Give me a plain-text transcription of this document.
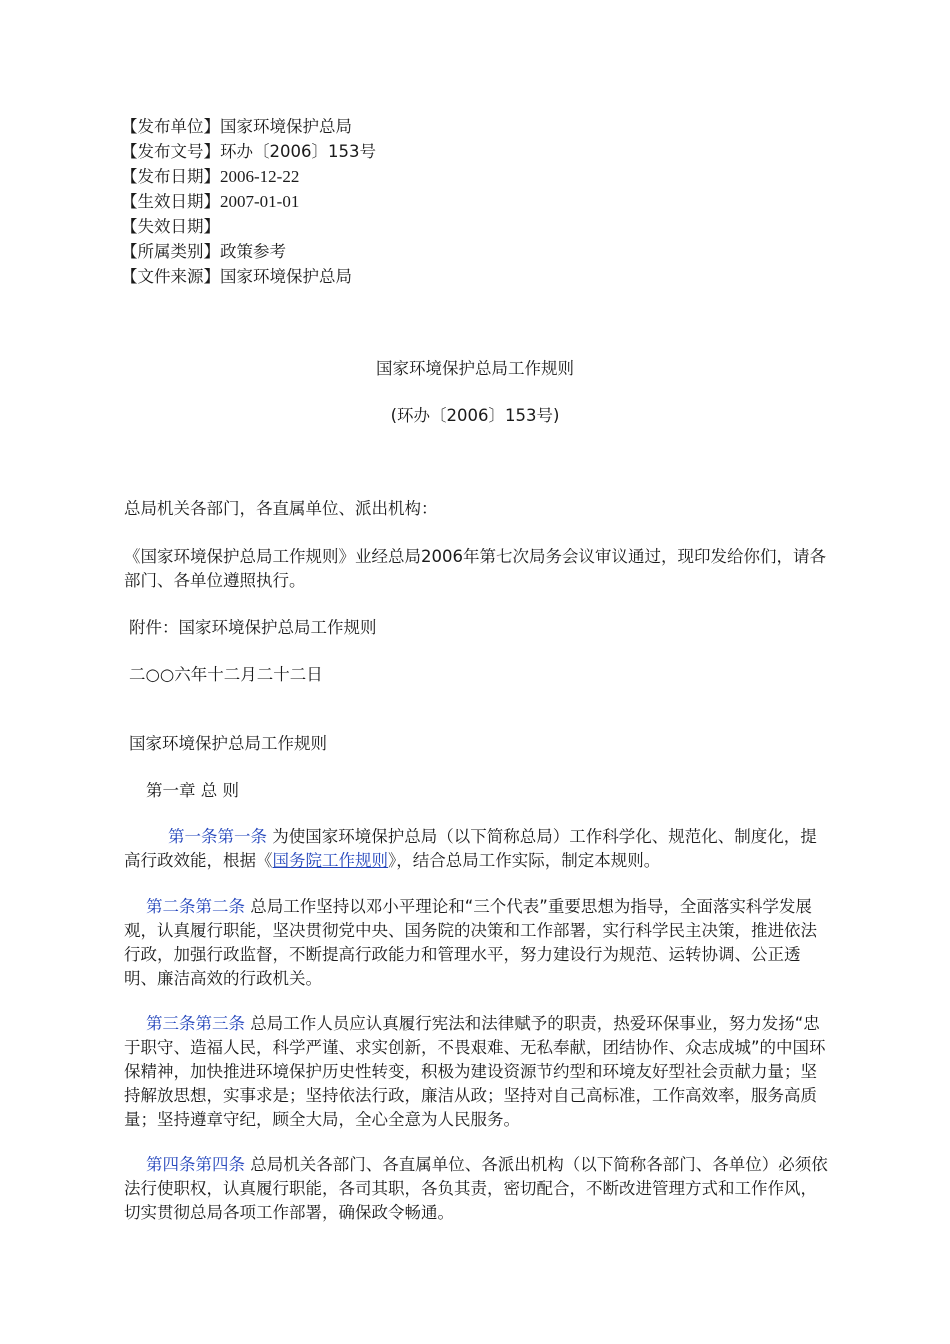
【发布单位】国家环境保护总局
【发布文号】环办〔2006〕153号
【发布日期】2006-12-22
【生效日期】2007-01-01
【失效日期】
【所属类别】政策参考
【文件来源】国家环境保护总局
国家环境保护总局工作规则
(环办〔2006〕153号)
总局机关各部门，各直属单位、派出机构：
《国家环境保护总局工作规则》业经总局2006年第七次局务会议审议通过，现印发给你们，请各部门、各单位遵照执行。
附件：国家环境保护总局工作规则
二○○六年十二月二十二日
国家环境保护总局工作规则
第一章 总 则
第一条第一条 为使国家环境保护总局（以下简称总局）工作科学化、规范化、制度化，提高行政效能，根据《国务院工作规则》，结合总局工作实际，制定本规则。
第二条第二条 总局工作坚持以邓小平理论和“三个代表”重要思想为指导，全面落实科学发展观，认真履行职能，坚决贯彻党中央、国务院的决策和工作部署，实行科学民主决策，推进依法行政，加强行政监督，不断提高行政能力和管理水平，努力建设行为规范、运转协调、公正透明、廉洁高效的行政机关。
第三条第三条 总局工作人员应认真履行宪法和法律赋予的职责，热爱环保事业，努力发扬“忠于职守、造福人民，科学严谨、求实创新，不畏艰难、无私奉献，团结协作、众志成城”的中国环保精神，加快推进环境保护历史性转变，积极为建设资源节约型和环境友好型社会贡献力量；坚持解放思想，实事求是；坚持依法行政，廉洁从政；坚持对自己高标准，工作高效率，服务高质量；坚持遵章守纪，顾全大局，全心全意为人民服务。
第四条第四条 总局机关各部门、各直属单位、各派出机构（以下简称各部门、各单位）必须依法行使职权，认真履行职能，各司其职，各负其责，密切配合，不断改进管理方式和工作作风，切实贯彻总局各项工作部署，确保政令畅通。
